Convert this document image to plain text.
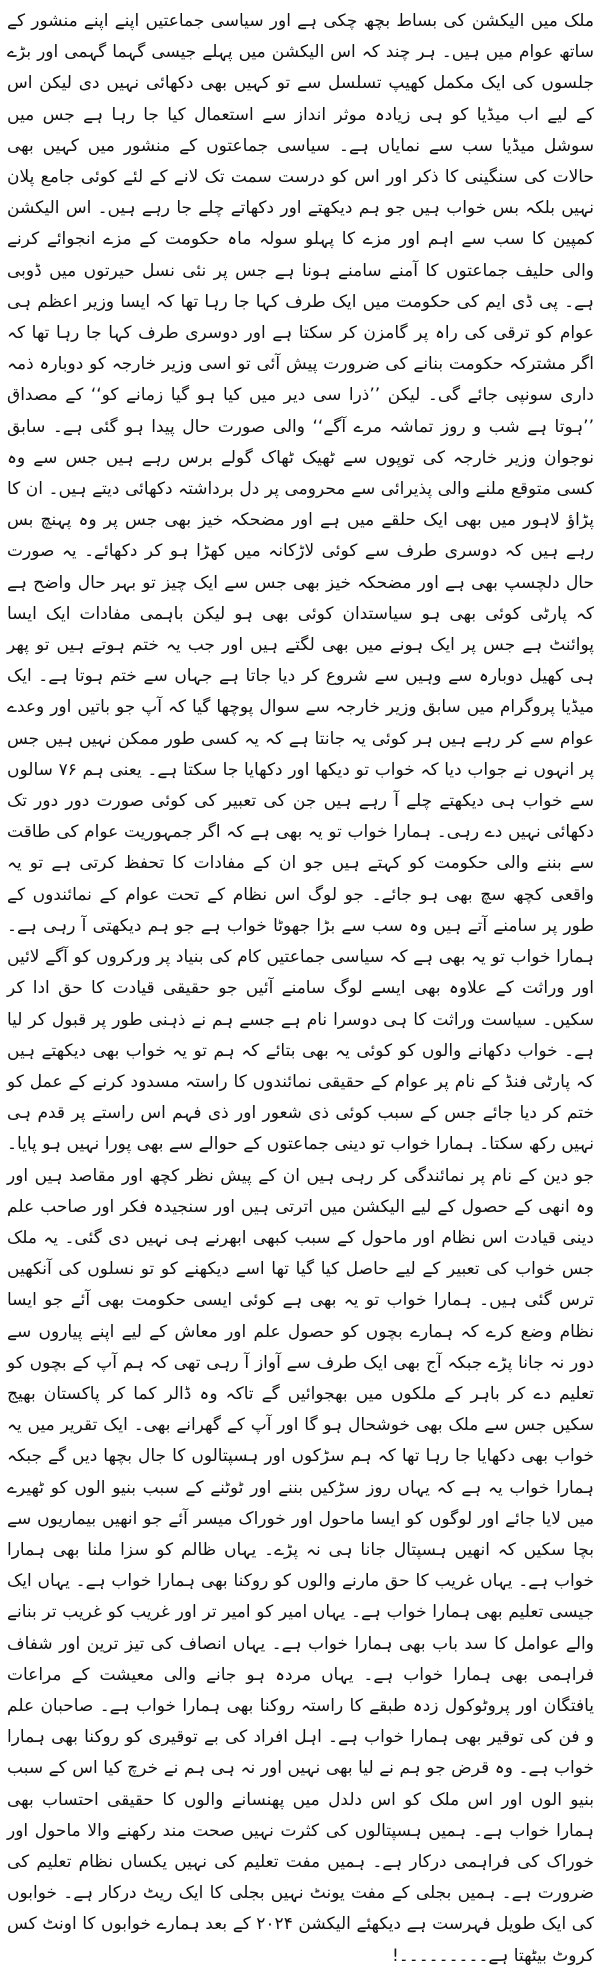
ملک میں الیکشن کی بساط بچھ چکی ہے اور سیاسی جماعتیں اپنے اپنے منشور کے ساتھ عوام میں ہیں۔ ہر چند کہ اس الیکشن میں پہلے جیسی گہما گہمی اور بڑے جلسوں کی ایک مکمل کھیپ تسلسل سے تو کہیں بھی دکھائی نہیں دی لیکن اس کے لیے اب میڈیا کو ہی زیادہ موثر انداز سے استعمال کیا جا رہا ہے جس میں سوشل میڈیا سب سے نمایاں ہے۔ سیاسی جماعتوں کے منشور میں کہیں بھی حالات کی سنگینی کا ذکر اور اس کو درست سمت تک لانے کے لئے کوئی جامع پلان نہیں بلکہ بس خواب ہیں جو ہم دیکھتے اور دکھاتے چلے جا رہے ہیں۔ اس الیکشن کمپین کا سب سے اہم اور مزے کا پہلو سولہ ماہ حکومت کے مزے انجوائے کرنے والی حلیف جماعتوں کا آمنے سامنے ہونا ہے جس پر نئی نسل حیرتوں میں ڈوبی ہے۔ پی ڈی ایم کی حکومت میں ایک طرف کہا جا رہا تھا کہ ایسا وزیر اعظم ہی عوام کو ترقی کی راہ پر گامزن کر سکتا ہے اور دوسری طرف کہا جا رہا تھا کہ اگر مشترکہ حکومت بنانے کی ضرورت پیش آئی تو اسی وزیر خارجہ کو دوبارہ ذمہ داری سونپی جائے گی۔ لیکن ’’ذرا سی دیر میں کیا ہو گیا زمانے کو‘‘ کے مصداق ’’ہوتا ہے شب و روز تماشہ مرے آگے‘‘ والی صورت حال پیدا ہو گئی ہے۔ سابق نوجوان وزیر خارجہ کی توپوں سے ٹھیک ٹھاک گولے برس رہے ہیں جس سے وہ کسی متوقع ملنے والی پذیرائی سے محرومی پر دل برداشتہ دکھائی دیتے ہیں۔ ان کا پڑاؤ لاہور میں بھی ایک حلقے میں ہے اور مضحکہ خیز بھی جس پر وہ پہنچ بس رہے ہیں کہ دوسری طرف سے کوئی لاڑکانہ میں کھڑا ہو کر دکھائے۔ یہ صورت حال دلچسپ بھی ہے اور مضحکہ خیز بھی جس سے ایک چیز تو بہر حال واضح ہے کہ پارٹی کوئی بھی ہو سیاستدان کوئی بھی ہو لیکن باہمی مفادات ایک ایسا پوائنٹ ہے جس پر ایک ہونے میں بھی لگتے ہیں اور جب یہ ختم ہوتے ہیں تو پھر ہی کھیل دوبارہ سے وہیں سے شروع کر دیا جاتا ہے جہاں سے ختم ہوتا ہے۔ ایک میڈیا پروگرام میں سابق وزیر خارجہ سے سوال پوچھا گیا کہ آپ جو باتیں اور وعدے عوام سے کر رہے ہیں ہر کوئی یہ جانتا ہے کہ یہ کسی طور ممکن نہیں ہیں جس پر انہوں نے جواب دیا کہ خواب تو دیکھا اور دکھایا جا سکتا ہے۔ یعنی ہم ۷۶ سالوں سے خواب ہی دیکھتے چلے آ رہے ہیں جن کی تعبیر کی کوئی صورت دور دور تک دکھائی نہیں دے رہی۔ ہمارا خواب تو یہ بھی ہے کہ اگر جمہوریت عوام کی طاقت سے بننے والی حکومت کو کہتے ہیں جو ان کے مفادات کا تحفظ کرتی ہے تو یہ واقعی کچھ سچ بھی ہو جائے۔ جو لوگ اس نظام کے تحت عوام کے نمائندوں کے طور پر سامنے آتے ہیں وہ سب سے بڑا جھوٹا خواب ہے جو ہم دیکھتی آ رہی ہے۔ ہمارا خواب تو یہ بھی ہے کہ سیاسی جماعتیں کام کی بنیاد پر ورکروں کو آگے لائیں اور وراثت کے علاوہ بھی ایسے لوگ سامنے آئیں جو حقیقی قیادت کا حق ادا کر سکیں۔ سیاست وراثت کا ہی دوسرا نام ہے جسے ہم نے ذہنی طور پر قبول کر لیا ہے۔ خواب دکھانے والوں کو کوئی یہ بھی بتائے کہ ہم تو یہ خواب بھی دیکھتے ہیں کہ پارٹی فنڈ کے نام پر عوام کے حقیقی نمائندوں کا راستہ مسدود کرنے کے عمل کو ختم کر دیا جائے جس کے سبب کوئی ذی شعور اور ذی فہم اس راستے پر قدم ہی نہیں رکھ سکتا۔ ہمارا خواب تو دینی جماعتوں کے حوالے سے بھی پورا نہیں ہو پایا۔ جو دین کے نام پر نمائندگی کر رہی ہیں ان کے پیش نظر کچھ اور مقاصد ہیں اور وہ انھی کے حصول کے لیے الیکشن میں اترتی ہیں اور سنجیدہ فکر اور صاحب علم دینی قیادت اس نظام اور ماحول کے سبب کبھی ابھرنے ہی نہیں دی گئی۔ یہ ملک جس خواب کی تعبیر کے لیے حاصل کیا گیا تھا اسے دیکھنے کو تو نسلوں کی آنکھیں ترس گئی ہیں۔ ہمارا خواب تو یہ بھی ہے کوئی ایسی حکومت بھی آئے جو ایسا نظام وضع کرے کہ ہمارے بچوں کو حصول علم اور معاش کے لیے اپنے پیاروں سے دور نہ جانا پڑے جبکہ آج بھی ایک طرف سے آواز آ رہی تھی کہ ہم آپ کے بچوں کو تعلیم دے کر باہر کے ملکوں میں بھجوائیں گے تاکہ وہ ڈالر کما کر پاکستان بھیج سکیں جس سے ملک بھی خوشحال ہو گا اور آپ کے گھرانے بھی۔ ایک تقریر میں یہ خواب بھی دکھایا جا رہا تھا کہ ہم سڑکوں اور ہسپتالوں کا جال بچھا دیں گے جبکہ ہمارا خواب یہ ہے کہ یہاں روز سڑکیں بننے اور ٹوٹنے کے سبب بنیو الوں کو ٹھیرے میں لایا جائے اور لوگوں کو ایسا ماحول اور خوراک میسر آئے جو انھیں بیماریوں سے بچا سکیں کہ انھیں ہسپتال جانا ہی نہ پڑے۔ یہاں ظالم کو سزا ملنا بھی ہمارا خواب ہے۔ یہاں غریب کا حق مارنے والوں کو روکنا بھی ہمارا خواب ہے۔ یہاں ایک جیسی تعلیم بھی ہمارا خواب ہے۔ یہاں امیر کو امیر تر اور غریب کو غریب تر بنانے والے عوامل کا سد باب بھی ہمارا خواب ہے۔ یہاں انصاف کی تیز ترین اور شفاف فراہمی بھی ہمارا خواب ہے۔ یہاں مردہ ہو جانے والی معیشت کے مراعات یافتگان اور پروٹوکول زدہ طبقے کا راستہ روکنا بھی ہمارا خواب ہے۔ صاحبان علم و فن کی توقیر بھی ہمارا خواب ہے۔ اہل افراد کی بے توقیری کو روکنا بھی ہمارا خواب ہے۔ وہ قرض جو ہم نے لیا بھی نہیں اور نہ ہی ہم نے خرچ کیا اس کے سبب بنیو الوں اور اس ملک کو اس دلدل میں پھنسانے والوں کا حقیقی احتساب بھی ہمارا خواب ہے۔ ہمیں ہسپتالوں کی کثرت نہیں صحت مند رکھنے والا ماحول اور خوراک کی فراہمی درکار ہے۔ ہمیں مفت تعلیم کی نہیں یکساں نظام تعلیم کی ضرورت ہے۔ ہمیں بجلی کے مفت یونٹ نہیں بجلی کا ایک ریٹ درکار ہے۔ خوابوں کی ایک طویل فہرست ہے دیکھئے الیکشن ۲۰۲۴ کے بعد ہمارے خوابوں کا اونٹ کس کروٹ بیٹھتا ہے۔۔۔۔۔۔۔۔۔!
